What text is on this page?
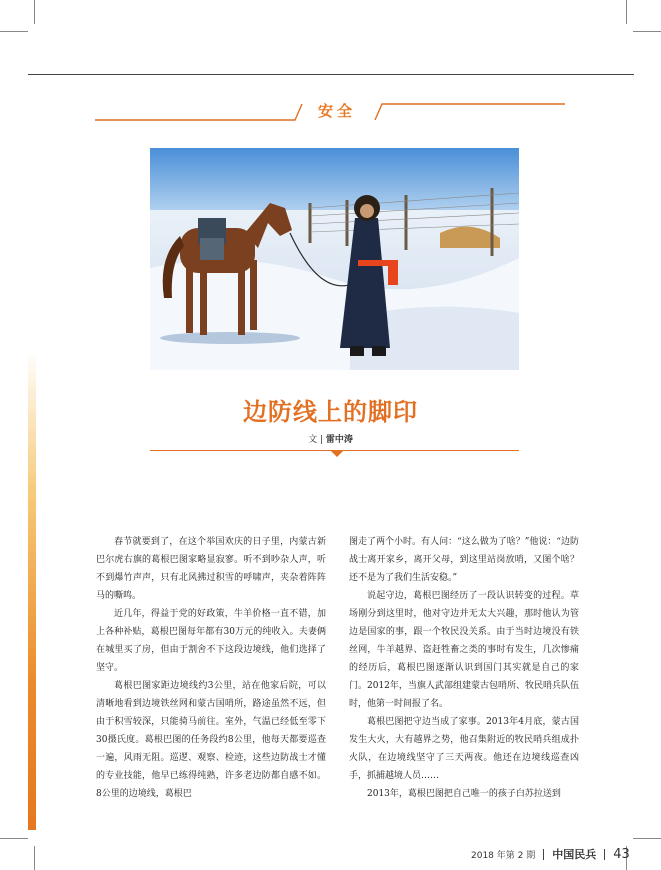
安全
边防线上的脚印
文 | 雷中涛

春节就要到了，在这个举国欢庆的日子里，内蒙古新巴尔虎右旗的葛根巴图家略显寂寥。听不到吵杂人声，听不到爆竹声声，只有北风拂过积雪的呼啸声，夹杂着阵阵马的嘶鸣。

近几年，得益于党的好政策，牛羊价格一直不错，加上各种补贴，葛根巴图每年都有30万元的纯收入。夫妻俩在城里买了房，但由于割舍不下这段边境线，他们选择了坚守。

葛根巴图家距边境线约3公里，站在他家后院，可以清晰地看到边境铁丝网和蒙古国哨所，路途虽然不远，但由于积雪较深，只能骑马前往。室外，气温已经低至零下30摄氏度。葛根巴图的任务段约8公里，他每天都要巡查一遍，风雨无阻。巡逻、观察、检迹，这些边防战士才懂的专业技能，他早已练得纯熟，许多老边防都自感不如。8公里的边境线，葛根巴

图走了两个小时。有人问：“这么做为了啥？”他说：“边防战士离开家乡，离开父母，到这里站岗放哨，又图个啥？还不是为了我们生活安稳。”

说起守边，葛根巴图经历了一段认识转变的过程。草场刚分到这里时，他对守边并无太大兴趣，那时他认为管边是国家的事，跟一个牧民没关系。由于当时边境没有铁丝网，牛羊越界、盗赶牲畜之类的事时有发生，几次惨痛的经历后，葛根巴图逐渐认识到国门其实就是自己的家门。2012年，当旗人武部组建蒙古包哨所、牧民哨兵队伍时，他第一时间报了名。

葛根巴图把守边当成了家事。2013年4月底，蒙古国发生大火，大有越界之势，他召集附近的牧民哨兵组成扑火队，在边境线坚守了三天两夜。他还在边境线巡查凶手，抓捕越境人员……

2013年，葛根巴图把自己唯一的孩子白苏拉送到

2018 年第 2 期 中国民兵 43
